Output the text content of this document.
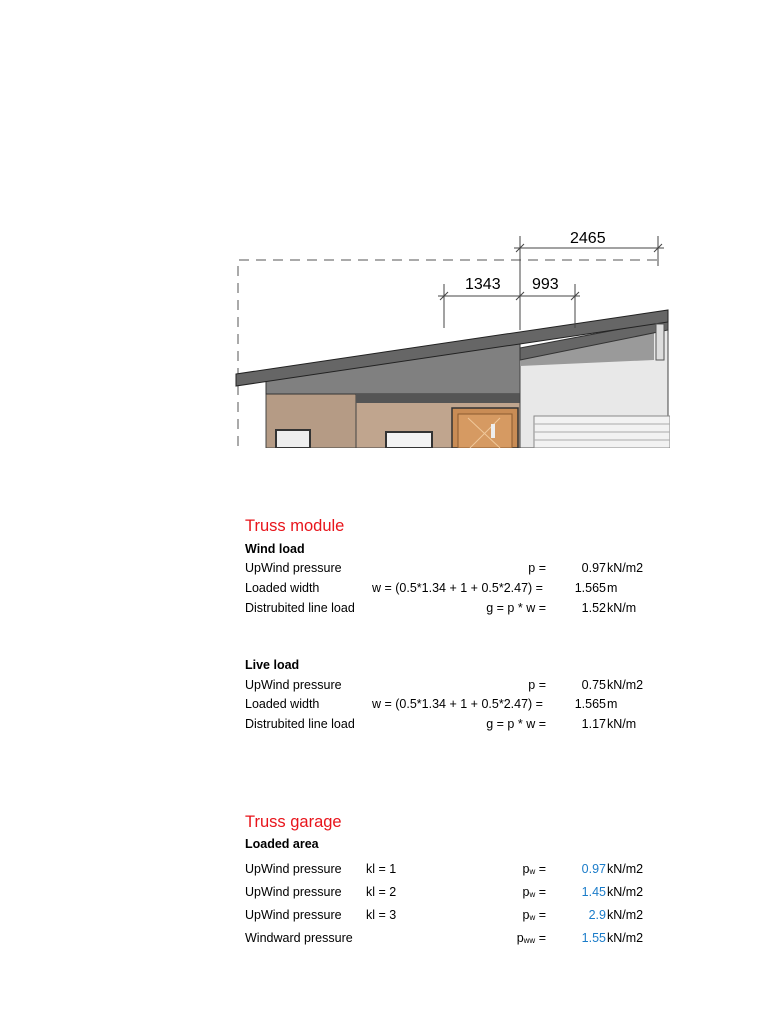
2465
1343 993
Truss module
Wind load
UpWind pressure	p =	0.97 kN/m2
Loaded width	w = (0.5*1.34 + 1 + 0.5*2.47) =	1.565 m
Distrubited line load	g = p * w =	1.52 kN/m
Live load
UpWind pressure	p =	0.75 kN/m2
Loaded width	w = (0.5*1.34 + 1 + 0.5*2.47) =	1.565 m
Distrubited line load	g = p * w =	1.17 kN/m
Truss garage
Loaded area
UpWind pressure kl = 1	$p_w$ =	0.97 kN/m2
UpWind pressure kl = 2	$p_w$ =	1.45 kN/m2
UpWind pressure kl = 3	$p_w$ =	2.9 kN/m2
Windward pressure	$p_{ww}$ =	1.55 kN/m2
